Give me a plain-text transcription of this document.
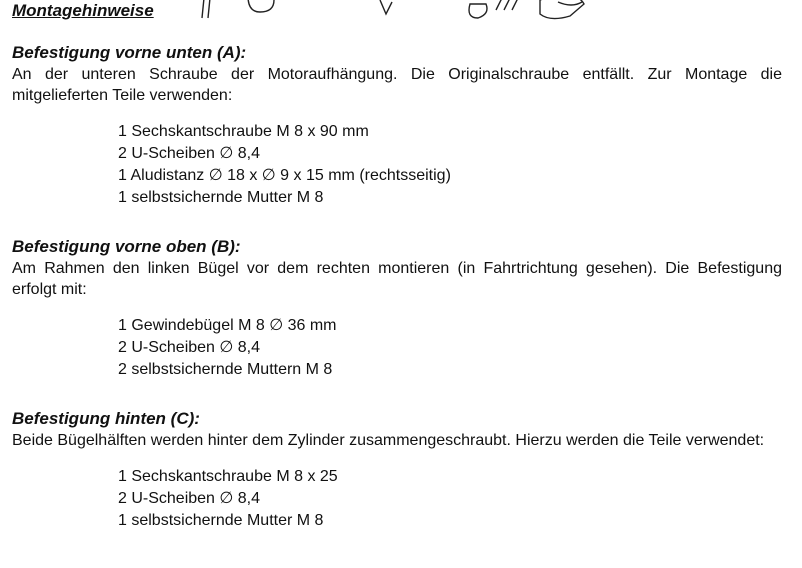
Montagehinweise

Befestigung vorne unten (A):

An der unteren Schraube der Motoraufhängung. Die Originalschraube entfällt. Zur Montage die mitgelieferten Teile verwenden:

1 Sechskantschraube M 8 x 90 mm
2 U-Scheiben ∅ 8,4
1 Aludistanz ∅ 18 x ∅ 9 x 15 mm (rechtsseitig)
1 selbstsichernde Mutter M 8

Befestigung vorne oben (B):

Am Rahmen den linken Bügel vor dem rechten montieren (in Fahrtrichtung gesehen). Die Befestigung erfolgt mit:

1 Gewindebügel M 8 ∅ 36 mm
2 U-Scheiben ∅ 8,4
2 selbstsichernde Muttern M 8

Befestigung hinten (C):

Beide Bügelhälften werden hinter dem Zylinder zusammengeschraubt. Hierzu werden die Teile verwendet:

1 Sechskantschraube M 8 x 25
2 U-Scheiben ∅ 8,4
1 selbstsichernde Mutter M 8
